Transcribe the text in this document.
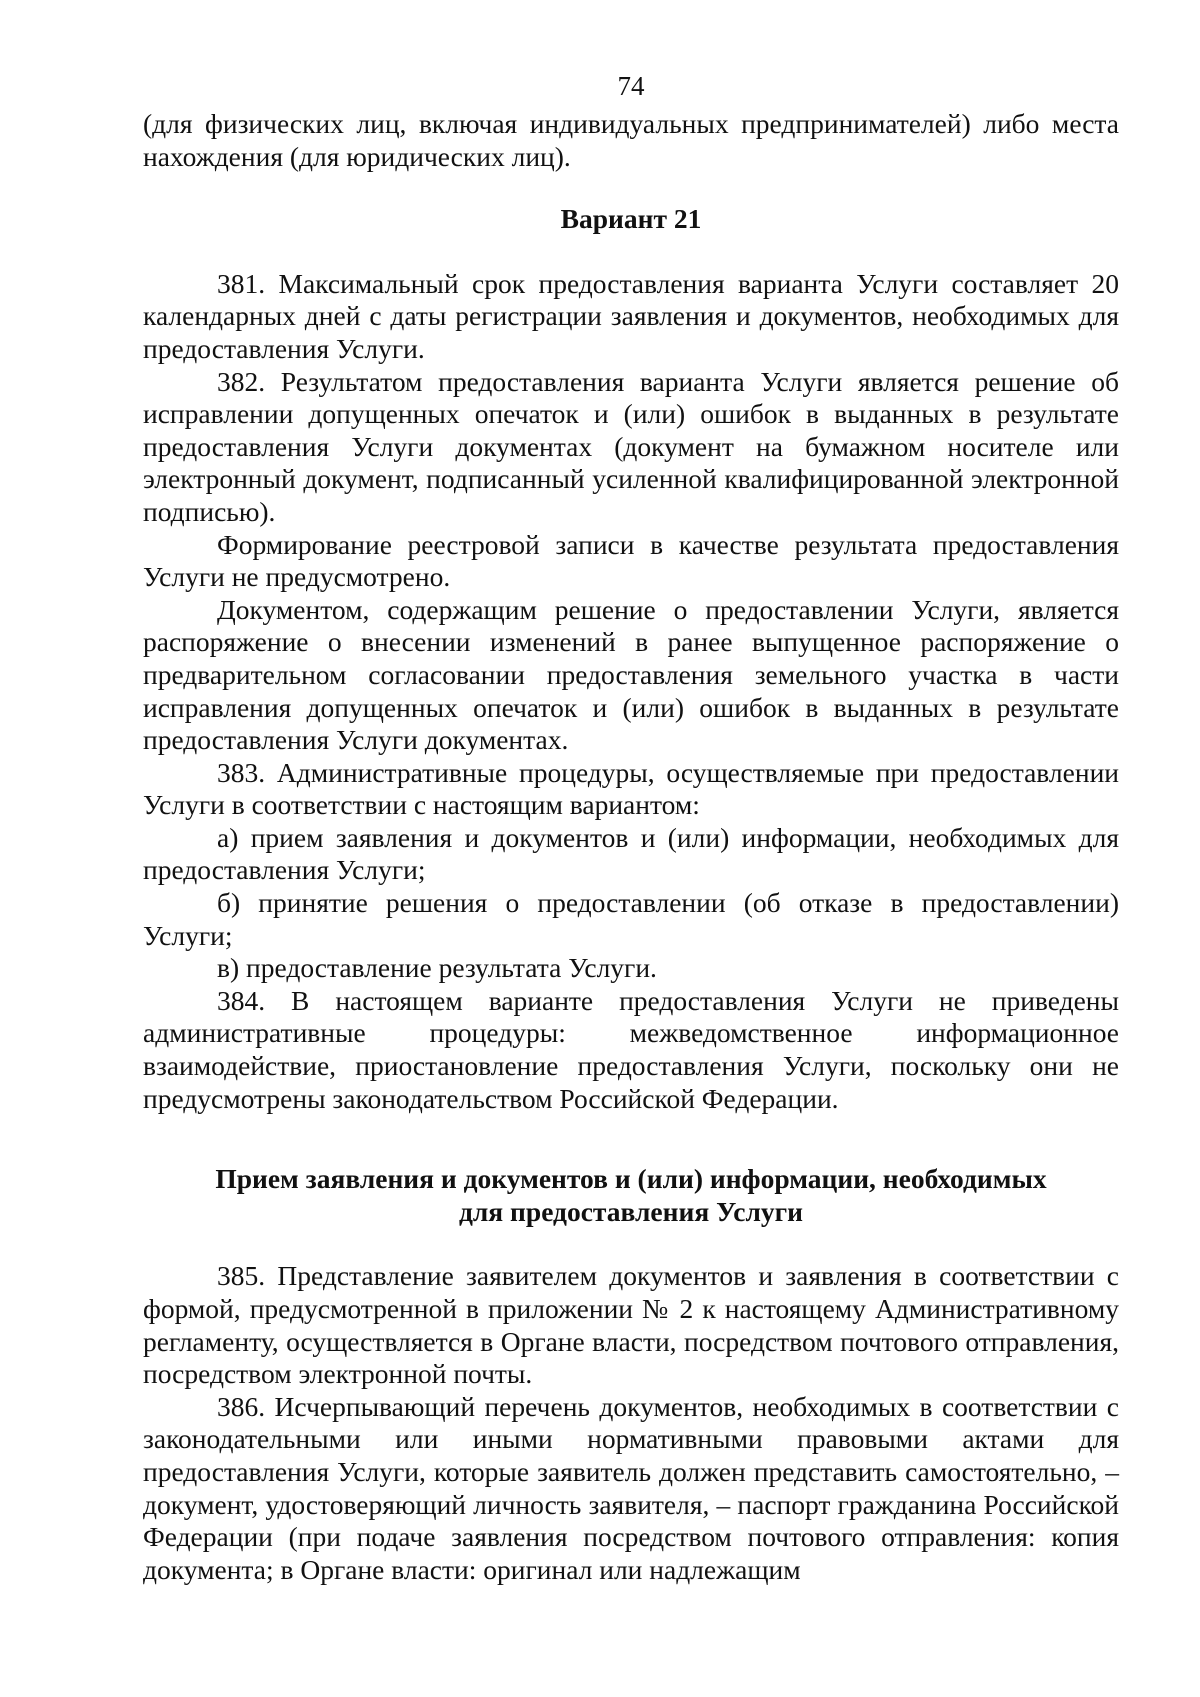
74

(для физических лиц, включая индивидуальных предпринимателей) либо места нахождения (для юридических лиц).

Вариант 21

381. Максимальный срок предоставления варианта Услуги составляет 20 календарных дней с даты регистрации заявления и документов, необходимых для предоставления Услуги.

382. Результатом предоставления варианта Услуги является решение об исправлении допущенных опечаток и (или) ошибок в выданных в результате предоставления Услуги документах (документ на бумажном носителе или электронный документ, подписанный усиленной квалифицированной электронной подписью).

Формирование реестровой записи в качестве результата предоставления Услуги не предусмотрено.

Документом, содержащим решение о предоставлении Услуги, является распоряжение о внесении изменений в ранее выпущенное распоряжение о предварительном согласовании предоставления земельного участка в части исправления допущенных опечаток и (или) ошибок в выданных в результате предоставления Услуги документах.

383. Административные процедуры, осуществляемые при предоставлении Услуги в соответствии с настоящим вариантом:

а) прием заявления и документов и (или) информации, необходимых для предоставления Услуги;

б) принятие решения о предоставлении (об отказе в предоставлении) Услуги;

в) предоставление результата Услуги.

384. В настоящем варианте предоставления Услуги не приведены административные процедуры: межведомственное информационное взаимодействие, приостановление предоставления Услуги, поскольку они не предусмотрены законодательством Российской Федерации.

Прием заявления и документов и (или) информации, необходимых
для предоставления Услуги

385. Представление заявителем документов и заявления в соответствии с формой, предусмотренной в приложении № 2 к настоящему Административному регламенту, осуществляется в Органе власти, посредством почтового отправления, посредством электронной почты.

386. Исчерпывающий перечень документов, необходимых в соответствии с законодательными или иными нормативными правовыми актами для предоставления Услуги, которые заявитель должен представить самостоятельно, – документ, удостоверяющий личность заявителя, – паспорт гражданина Российской Федерации (при подаче заявления посредством почтового отправления: копия документа; в Органе власти: оригинал или надлежащим
